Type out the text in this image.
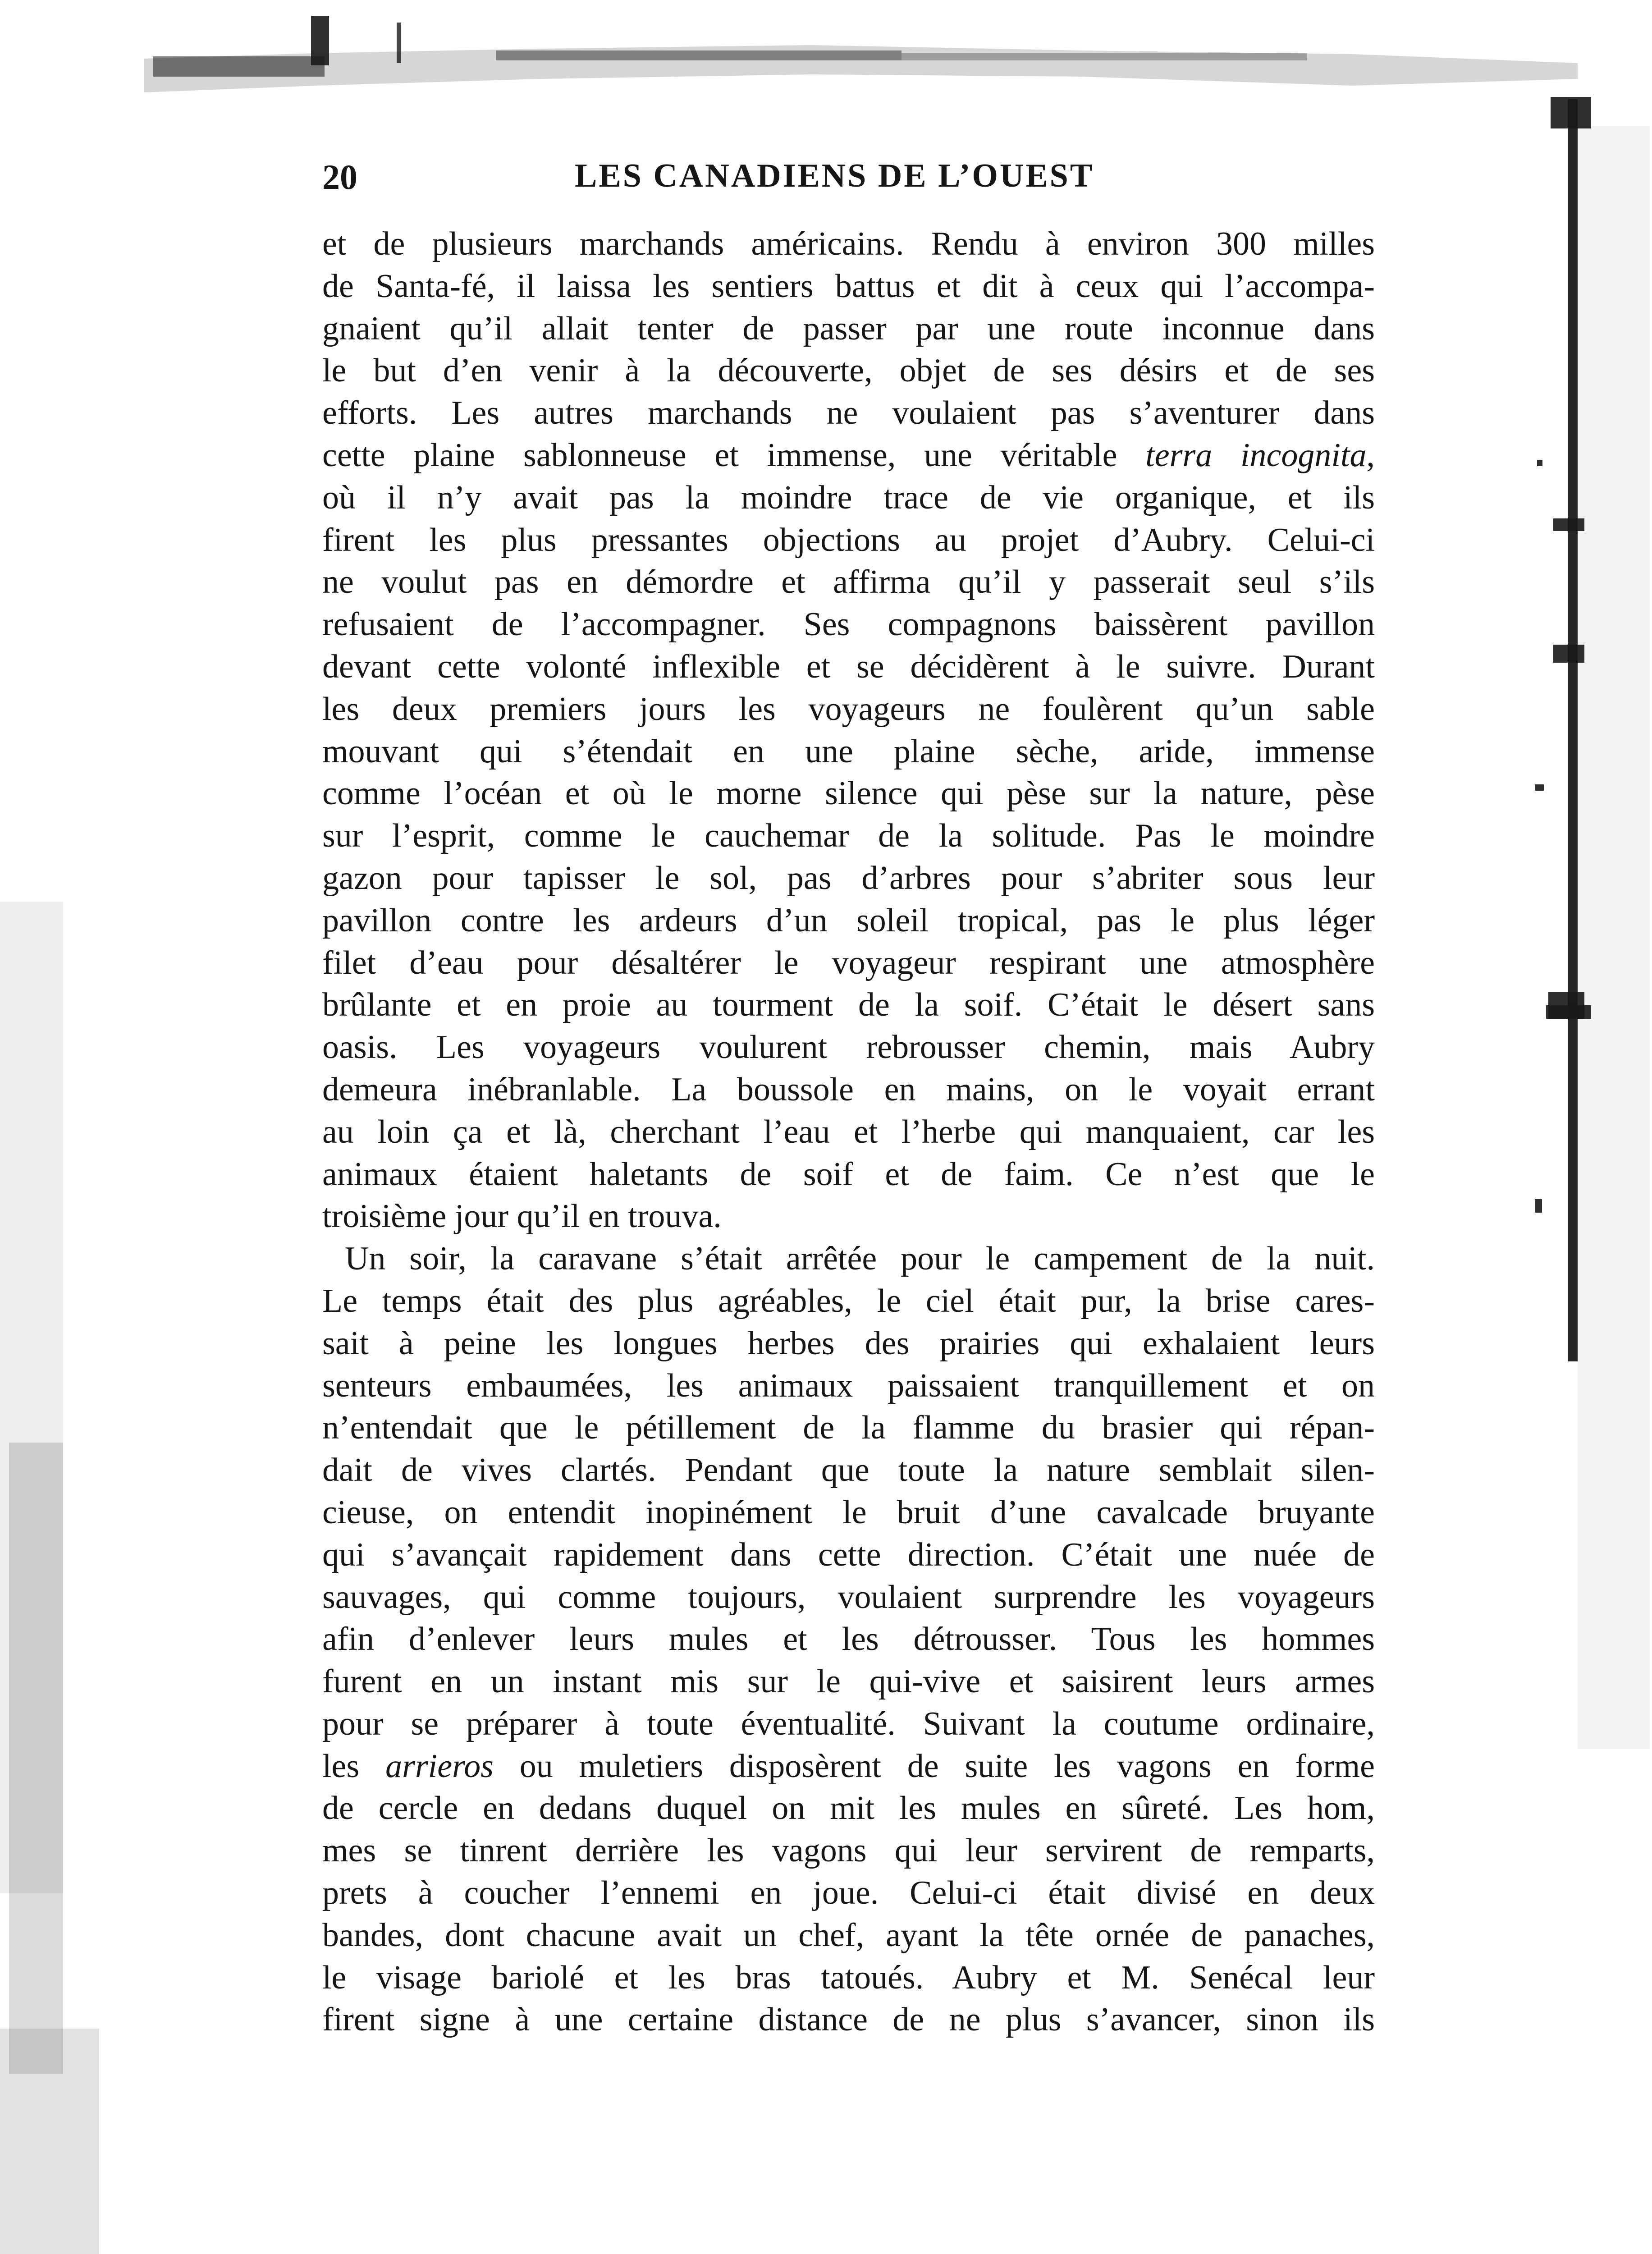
20	LES CANADIENS DE L’OUEST
et de plusieurs marchands américains. Rendu à environ 300 milles
de Santa-fé, il laissa les sentiers battus et dit à ceux qui l’accompa-
gnaient qu’il allait tenter de passer par une route inconnue dans
le but d’en venir à la découverte, objet de ses désirs et de ses
efforts. Les autres marchands ne voulaient pas s’aventurer dans
cette plaine sablonneuse et immense, une véritable terra incognita,
où il n’y avait pas la moindre trace de vie organique, et ils
firent les plus pressantes objections au projet d’Aubry. Celui-ci
ne voulut pas en démordre et affirma qu’il y passerait seul s’ils
refusaient de l’accompagner. Ses compagnons baissèrent pavillon
devant cette volonté inflexible et se décidèrent à le suivre. Durant
les deux premiers jours les voyageurs ne foulèrent qu’un sable
mouvant qui s’étendait en une plaine sèche, aride, immense
comme l’océan et où le morne silence qui pèse sur la nature, pèse
sur l’esprit, comme le cauchemar de la solitude. Pas le moindre
gazon pour tapisser le sol, pas d’arbres pour s’abriter sous leur
pavillon contre les ardeurs d’un soleil tropical, pas le plus léger
filet d’eau pour désaltérer le voyageur respirant une atmosphère
brûlante et en proie au tourment de la soif. C’était le désert sans
oasis. Les voyageurs voulurent rebrousser chemin, mais Aubry
demeura inébranlable. La boussole en mains, on le voyait errant
au loin ça et là, cherchant l’eau et l’herbe qui manquaient, car les
animaux étaient haletants de soif et de faim. Ce n’est que le
troisième jour qu’il en trouva.
Un soir, la caravane s’était arrêtée pour le campement de la nuit.
Le temps était des plus agréables, le ciel était pur, la brise cares-
sait à peine les longues herbes des prairies qui exhalaient leurs
senteurs embaumées, les animaux paissaient tranquillement et on
n’entendait que le pétillement de la flamme du brasier qui répan-
dait de vives clartés. Pendant que toute la nature semblait silen-
cieuse, on entendit inopinément le bruit d’une cavalcade bruyante
qui s’avançait rapidement dans cette direction. C’était une nuée de
sauvages, qui comme toujours, voulaient surprendre les voyageurs
afin d’enlever leurs mules et les détrousser. Tous les hommes
furent en un instant mis sur le qui-vive et saisirent leurs armes
pour se préparer à toute éventualité. Suivant la coutume ordinaire,
les arrieros ou muletiers disposèrent de suite les vagons en forme
de cercle en dedans duquel on mit les mules en sûreté. Les hom,
mes se tinrent derrière les vagons qui leur servirent de remparts,
prets à coucher l’ennemi en joue. Celui-ci était divisé en deux
bandes, dont chacune avait un chef, ayant la tête ornée de panaches,
le visage bariolé et les bras tatoués. Aubry et M. Senécal leur
firent signe à une certaine distance de ne plus s’avancer, sinon ils
